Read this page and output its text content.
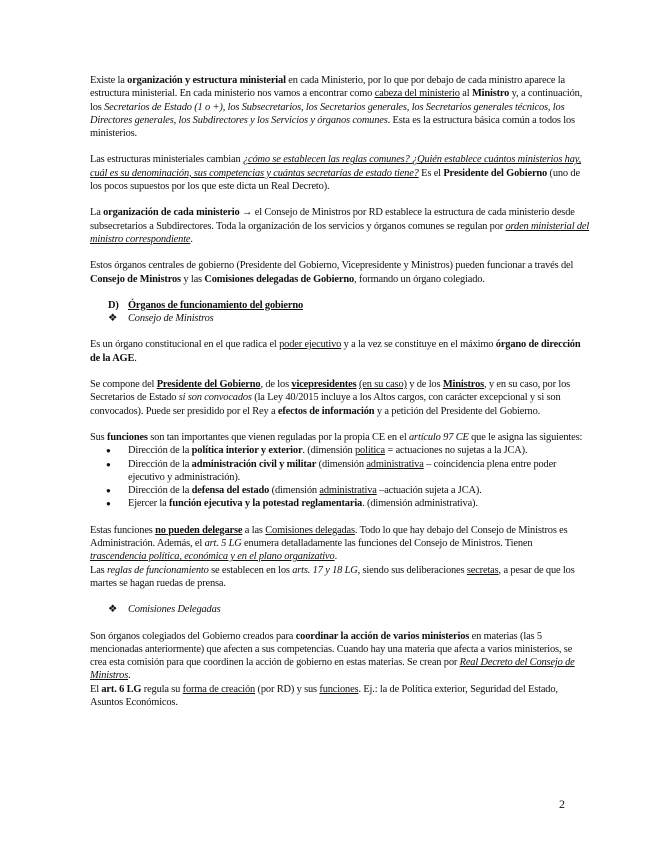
Existe la organización y estructura ministerial en cada Ministerio, por lo que por debajo de cada ministro aparece la estructura ministerial. En cada ministerio nos vamos a encontrar como cabeza del ministerio al Ministro y, a continuación, los Secretarios de Estado (1 o +), los Subsecretarios, los Secretarios generales, los Secretarios generales técnicos, los Directores generales, los Subdirectores y los Servicios y órganos comunes. Esta es la estructura básica común a todos los ministerios.

Las estructuras ministeriales cambian ¿cómo se establecen las reglas comunes? ¿Quién establece cuántos ministerios hay, cuál es su denominación, sus competencias y cuántas secretarías de estado tiene? Es el Presidente del Gobierno (uno de los pocos supuestos por los que este dicta un Real Decreto).

La organización de cada ministerio → el Consejo de Ministros por RD establece la estructura de cada ministerio desde subsecretarios a Subdirectores. Toda la organización de los servicios y órganos comunes se regulan por orden ministerial del ministro correspondiente.

Estos órganos centrales de gobierno (Presidente del Gobierno, Vicepresidente y Ministros) pueden funcionar a través del Consejo de Ministros y las Comisiones delegadas de Gobierno, formando un órgano colegiado.

D) Órganos de funcionamiento del gobierno
❖ Consejo de Ministros

Es un órgano constitucional en el que radica el poder ejecutivo y a la vez se constituye en el máximo órgano de dirección de la AGE.

Se compone del Presidente del Gobierno, de los vicepresidentes (en su caso) y de los Ministros, y en su caso, por los Secretarios de Estado si son convocados (la Ley 40/2015 incluye a los Altos cargos, con carácter excepcional y si son convocados). Puede ser presidido por el Rey a efectos de información y a petición del Presidente del Gobierno.

Sus funciones son tan importantes que vienen reguladas por la propia CE en el artículo 97 CE que le asigna las siguientes:

● Dirección de la política interior y exterior. (dimensión política = actuaciones no sujetas a la JCA).
● Dirección de la administración civil y militar (dimensión administrativa – coincidencia plena entre poder ejecutivo y administración).
● Dirección de la defensa del estado (dimensión administrativa –actuación sujeta a JCA).
● Ejercer la función ejecutiva y la potestad reglamentaria. (dimensión administrativa).

Estas funciones no pueden delegarse a las Comisiones delegadas. Todo lo que hay debajo del Consejo de Ministros es Administración. Además, el art. 5 LG enumera detalladamente las funciones del Consejo de Ministros. Tienen trascendencia política, económica y en el plano organizativo.

Las reglas de funcionamiento se establecen en los arts. 17 y 18 LG, siendo sus deliberaciones secretas, a pesar de que los martes se hagan ruedas de prensa.

❖ Comisiones Delegadas

Son órganos colegiados del Gobierno creados para coordinar la acción de varios ministerios en materias (las 5 mencionadas anteriormente) que afecten a sus competencias. Cuando hay una materia que afecta a varios ministerios, se crea esta comisión para que coordinen la acción de gobierno en estas materias. Se crean por Real Decreto del Consejo de Ministros.

El art. 6 LG regula su forma de creación (por RD) y sus funciones. Ej.: la de Política exterior, Seguridad del Estado, Asuntos Económicos.

2
